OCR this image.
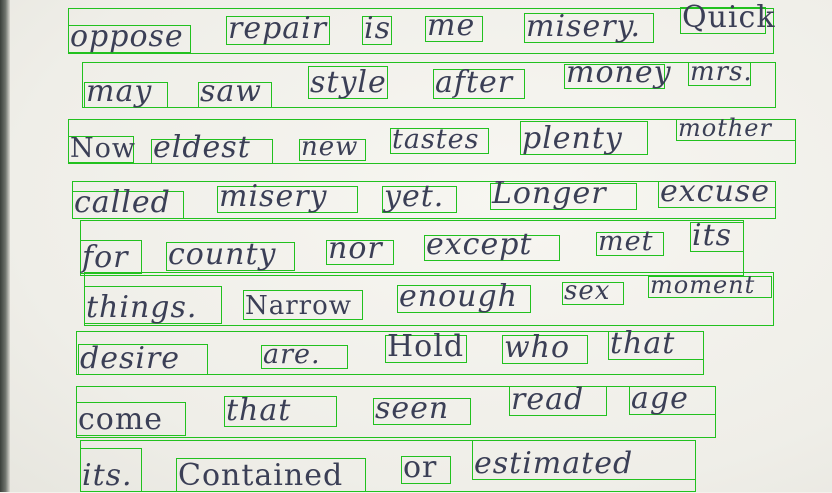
oppose repair is me misery.	Quick
may	saw	style after	money mrs.
Now eldest	new tastes	plenty	mother
called	misery	yet.	Longer	excuse
for	county	nor	except	met	its
things.	Narrow	enough	sex	moment
desire	are.	Hold who	that
come	that	seen	read	age
its.	Contained	or	estimated
